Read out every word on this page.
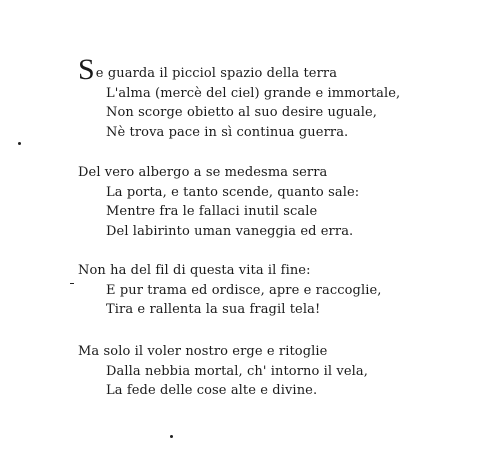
Se guarda il picciol spazio della terra
L'alma (mercè del ciel) grande e immortale,
Non scorge obietto al suo desire uguale,
Nè trova pace in sì continua guerra.
Del vero albergo a se medesma serra
La porta, e tanto scende, quanto sale:
Mentre fra le fallaci inutil scale
Del labirinto uman vaneggia ed erra.
Non ha del fil di questa vita il fine:
E pur trama ed ordisce, apre e raccoglie,
Tira e rallenta la sua fragil tela!
Ma solo il voler nostro erge e ritoglie
Dalla nebbia mortal, ch' intorno il vela,
La fede delle cose alte e divine.
